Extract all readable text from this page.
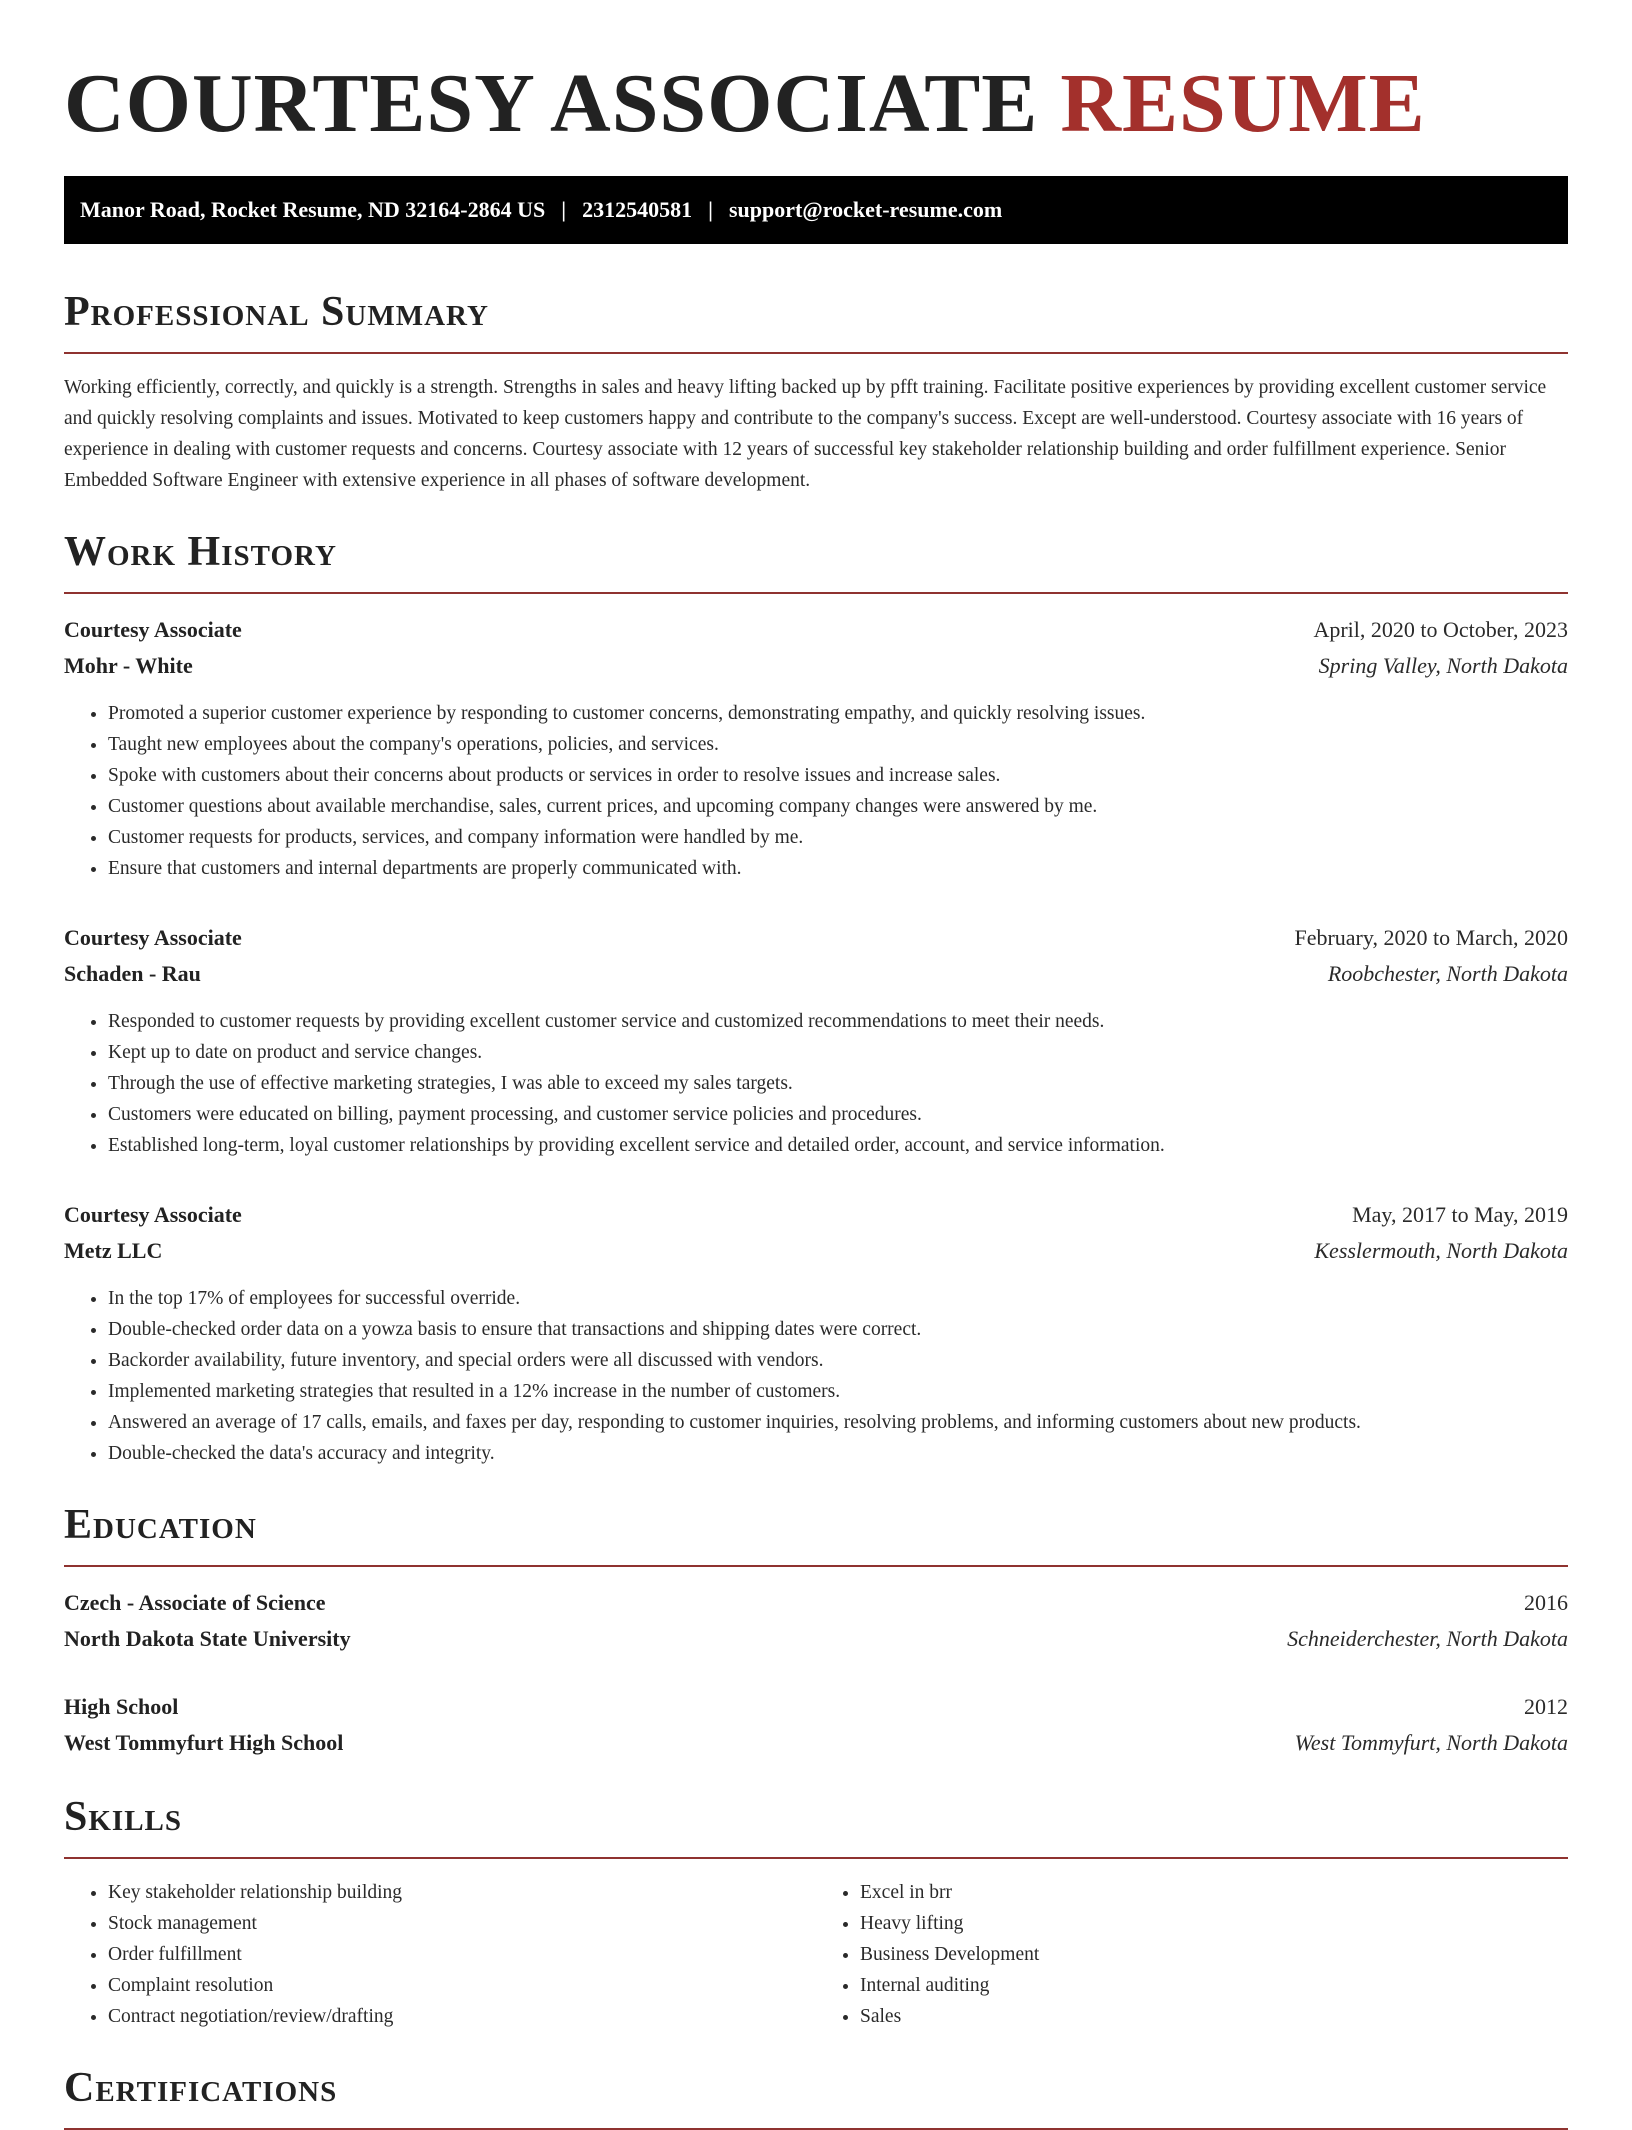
COURTESY ASSOCIATE RESUME
Manor Road, Rocket Resume, ND 32164-2864 US | 2312540581 | support@rocket-resume.com
Professional Summary

Working efficiently, correctly, and quickly is a strength. Strengths in sales and heavy lifting backed up by pfft training. Facilitate positive experiences by providing excellent customer service and quickly resolving complaints and issues. Motivated to keep customers happy and contribute to the company's success. Except are well-understood. Courtesy associate with 16 years of experience in dealing with customer requests and concerns. Courtesy associate with 12 years of successful key stakeholder relationship building and order fulfillment experience. Senior Embedded Software Engineer with extensive experience in all phases of software development.

Work History
Courtesy Associate	April, 2020 to October, 2023
Mohr - White	Spring Valley, North Dakota
• Promoted a superior customer experience by responding to customer concerns, demonstrating empathy, and quickly resolving issues.
• Taught new employees about the company's operations, policies, and services.
• Spoke with customers about their concerns about products or services in order to resolve issues and increase sales.
• Customer questions about available merchandise, sales, current prices, and upcoming company changes were answered by me.
• Customer requests for products, services, and company information were handled by me.
• Ensure that customers and internal departments are properly communicated with.
Courtesy Associate	February, 2020 to March, 2020
Schaden - Rau	Roobchester, North Dakota
• Responded to customer requests by providing excellent customer service and customized recommendations to meet their needs.
• Kept up to date on product and service changes.
• Through the use of effective marketing strategies, I was able to exceed my sales targets.
• Customers were educated on billing, payment processing, and customer service policies and procedures.
• Established long-term, loyal customer relationships by providing excellent service and detailed order, account, and service information.
Courtesy Associate	May, 2017 to May, 2019
Metz LLC	Kesslermouth, North Dakota
• In the top 17% of employees for successful override.
• Double-checked order data on a yowza basis to ensure that transactions and shipping dates were correct.
• Backorder availability, future inventory, and special orders were all discussed with vendors.
• Implemented marketing strategies that resulted in a 12% increase in the number of customers.
• Answered an average of 17 calls, emails, and faxes per day, responding to customer inquiries, resolving problems, and informing customers about new products.
• Double-checked the data's accuracy and integrity.
Education
Czech - Associate of Science	2016
North Dakota State University	Schneiderchester, North Dakota
High School	2012
West Tommyfurt High School	West Tommyfurt, North Dakota
Skills
• Key stakeholder relationship building
• Stock management
• Order fulfillment
• Complaint resolution
• Contract negotiation/review/drafting
• Excel in brr
• Heavy lifting
• Business Development
• Internal auditing
• Sales
Certifications
